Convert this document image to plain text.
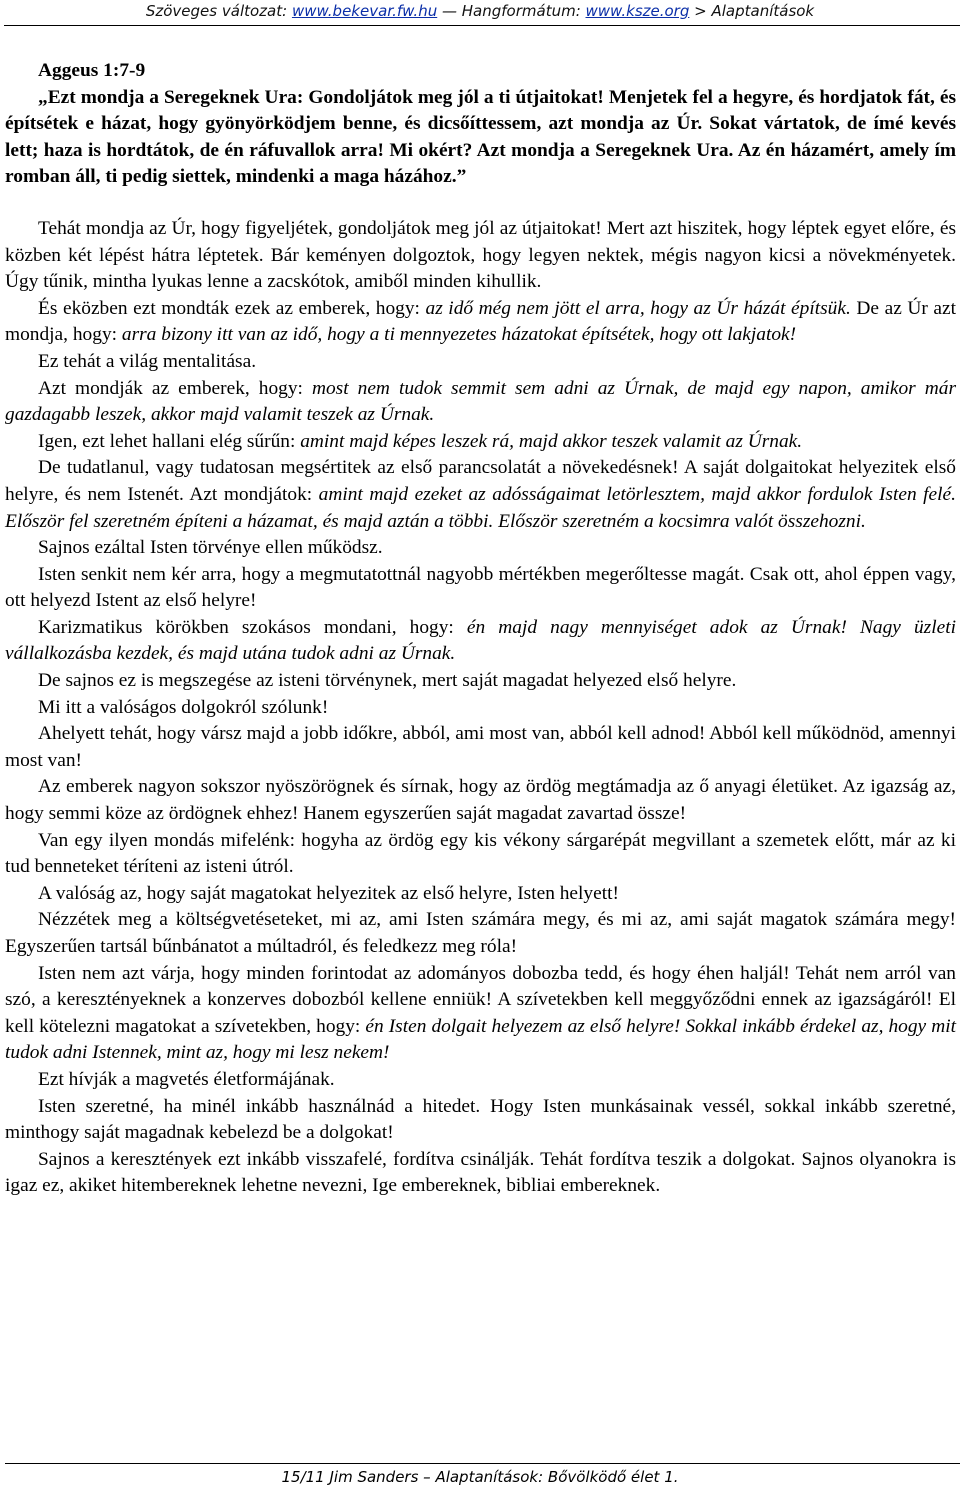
Szöveges változat: www.bekevar.fw.hu — Hangformátum: www.ksze.org > Alaptanítások
Aggeus 1:7-9

„Ezt mondja a Seregeknek Ura: Gondoljátok meg jól a ti útjaitokat! Menjetek fel a hegyre, és hordjatok fát, és építsétek e házat, hogy gyönyörködjem benne, és dicsőíttessem, azt mondja az Úr. Sokat vártatok, de ímé kevés lett; haza is hordtátok, de én ráfuvallok arra! Mi okért? Azt mondja a Seregeknek Ura. Az én házamért, amely ím romban áll, ti pedig siettek, mindenki a maga házához.”

Tehát mondja az Úr, hogy figyeljétek, gondoljátok meg jól az útjaitokat! Mert azt hiszitek, hogy léptek egyet előre, és közben két lépést hátra léptetek. Bár keményen dolgoztok, hogy legyen nektek, mégis nagyon kicsi a növekményetek. Úgy tűnik, mintha lyukas lenne a zacskótok, amiből minden kihullik.

És eközben ezt mondták ezek az emberek, hogy: az idő még nem jött el arra, hogy az Úr házát építsük. De az Úr azt mondja, hogy: arra bizony itt van az idő, hogy a ti mennyezetes házatokat építsétek, hogy ott lakjatok!

Ez tehát a világ mentalitása.

Azt mondják az emberek, hogy: most nem tudok semmit sem adni az Úrnak, de majd egy napon, amikor már gazdagabb leszek, akkor majd valamit teszek az Úrnak.

Igen, ezt lehet hallani elég sűrűn: amint majd képes leszek rá, majd akkor teszek valamit az Úrnak.

De tudatlanul, vagy tudatosan megsértitek az első parancsolatát a növekedésnek! A saját dolgaitokat helyezitek első helyre, és nem Istenét. Azt mondjátok: amint majd ezeket az adósságaimat letörlesztem, majd akkor fordulok Isten felé. Először fel szeretném építeni a házamat, és majd aztán a többi. Először szeretném a kocsimra valót összehozni.

Sajnos ezáltal Isten törvénye ellen működsz.

Isten senkit nem kér arra, hogy a megmutatottnál nagyobb mértékben megerőltesse magát. Csak ott, ahol éppen vagy, ott helyezd Istent az első helyre!

Karizmatikus körökben szokásos mondani, hogy: én majd nagy mennyiséget adok az Úrnak! Nagy üzleti vállalkozásba kezdek, és majd utána tudok adni az Úrnak.

De sajnos ez is megszegése az isteni törvénynek, mert saját magadat helyezed első helyre.

Mi itt a valóságos dolgokról szólunk!

Ahelyett tehát, hogy vársz majd a jobb időkre, abból, ami most van, abból kell adnod! Abból kell működnöd, amennyi most van!

Az emberek nagyon sokszor nyöszörögnek és sírnak, hogy az ördög megtámadja az ő anyagi életüket. Az igazság az, hogy semmi köze az ördögnek ehhez! Hanem egyszerűen saját magadat zavartad össze!

Van egy ilyen mondás mifelénk: hogyha az ördög egy kis vékony sárgarépát megvillant a szemetek előtt, már az ki tud benneteket téríteni az isteni útról.

A valóság az, hogy saját magatokat helyezitek az első helyre, Isten helyett!

Nézzétek meg a költségvetéseteket, mi az, ami Isten számára megy, és mi az, ami saját magatok számára megy! Egyszerűen tartsál bűnbánatot a múltadról, és feledkezz meg róla!

Isten nem azt várja, hogy minden forintodat az adományos dobozba tedd, és hogy éhen haljál! Tehát nem arról van szó, a keresztényeknek a konzerves dobozból kellene enniük! A szívetekben kell meggyőződni ennek az igazságáról! El kell kötelezni magatokat a szívetekben, hogy: én Isten dolgait helyezem az első helyre! Sokkal inkább érdekel az, hogy mit tudok adni Istennek, mint az, hogy mi lesz nekem!

Ezt hívják a magvetés életformájának.

Isten szeretné, ha minél inkább használnád a hitedet. Hogy Isten munkásainak vessél, sokkal inkább szeretné, minthogy saját magadnak kebelezd be a dolgokat!

Sajnos a keresztények ezt inkább visszafelé, fordítva csinálják. Tehát fordítva teszik a dolgokat. Sajnos olyanokra is igaz ez, akiket hitembereknek lehetne nevezni, Ige embereknek, bibliai embereknek.

15/11 Jim Sanders – Alaptanítások: Bővölködő élet 1.
